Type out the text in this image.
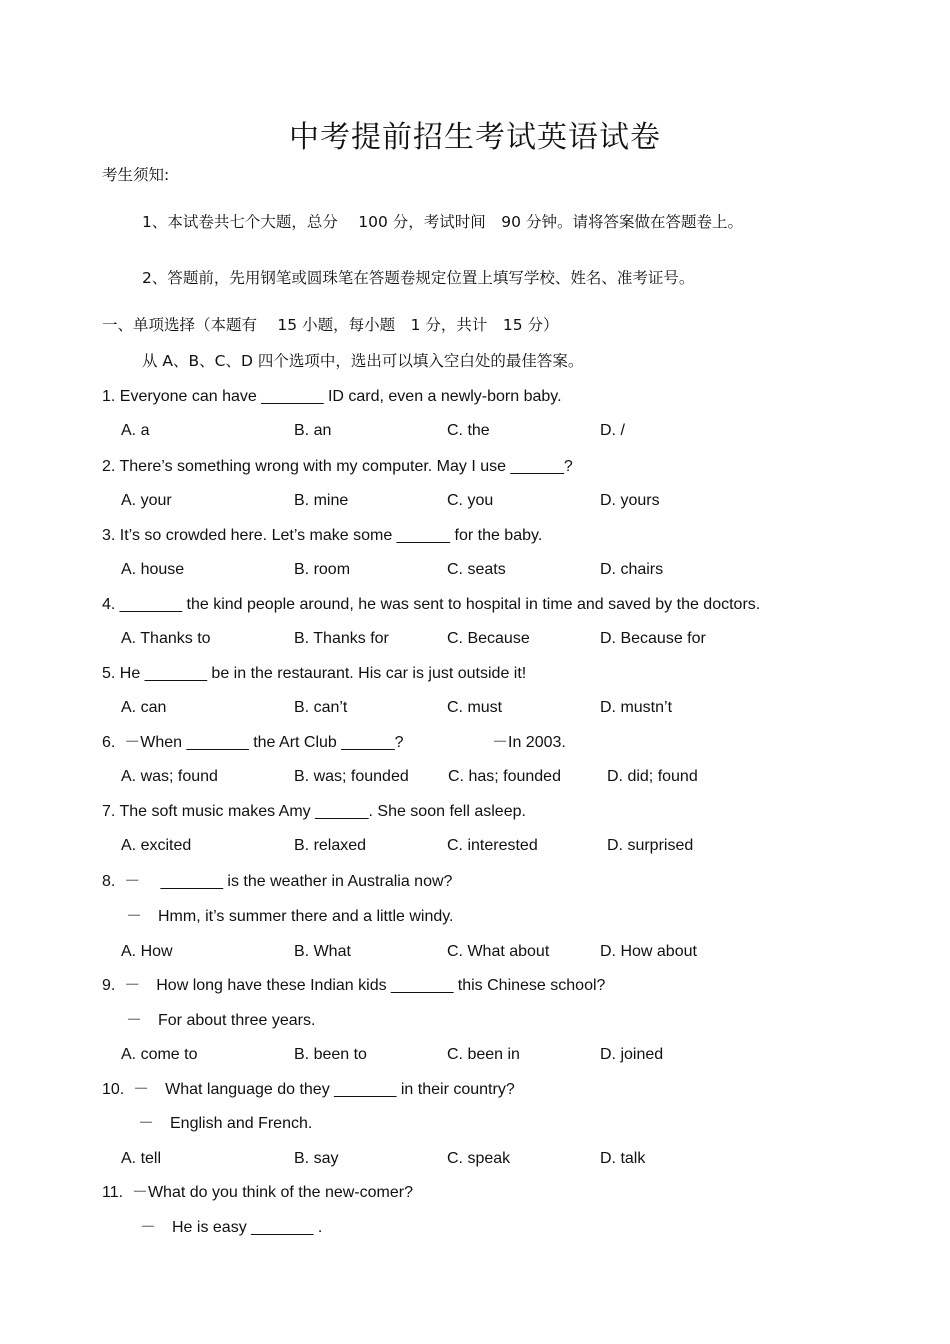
中考提前招生考试英语试卷
考生须知:
1、本试卷共七个大题，总分　 100 分，考试时间　90 分钟。请将答案做在答题卷上。
2、答题前，先用钢笔或圆珠笔在答题卷规定位置上填写学校、姓名、准考证号。
一、单项选择（本题有　 15 小题，每小题　1 分，共计　15 分）
从 A、B、C、D 四个选项中，选出可以填入空白处的最佳答案。
1. Everyone can have _______ ID card, even a newly-born baby.
A. a	B. an	C. the	D. /
2. There’s something wrong with my computer. May I use ______?
A. your	B. mine	C. you	D. yours
3. It’s so crowded here. Let’s make some ______ for the baby.
A. house	B. room	C. seats	D. chairs
4. _______ the kind people around, he was sent to hospital in time and saved by the doctors.
A. Thanks to	B. Thanks for	C. Because	D. Because for
5. He _______ be in the restaurant. His car is just outside it!
A. can	B. can’t	C. must	D. mustn’t
6.  －When _______ the Art Club ______?	－In 2003.
A. was; found	B. was; founded C. has; founded	D. did; found
7. The soft music makes Amy ______. She soon fell asleep.
A. excited	B. relaxed	C. interested	D. surprised
8.  －　 _______ is the weather in Australia now?
－　Hmm, it’s summer there and a little windy.
A. How	B. What	C. What about	D. How about
9.  －　How long have these Indian kids _______ this Chinese school?
－　For about three years.
A. come to	B. been to	C. been in	D. joined
10.  －　What language do they _______ in their country?
－　English and French.
A. tell	B. say	C. speak	D. talk
11.  －What do you think of the new-comer?
－　He is easy _______ .
